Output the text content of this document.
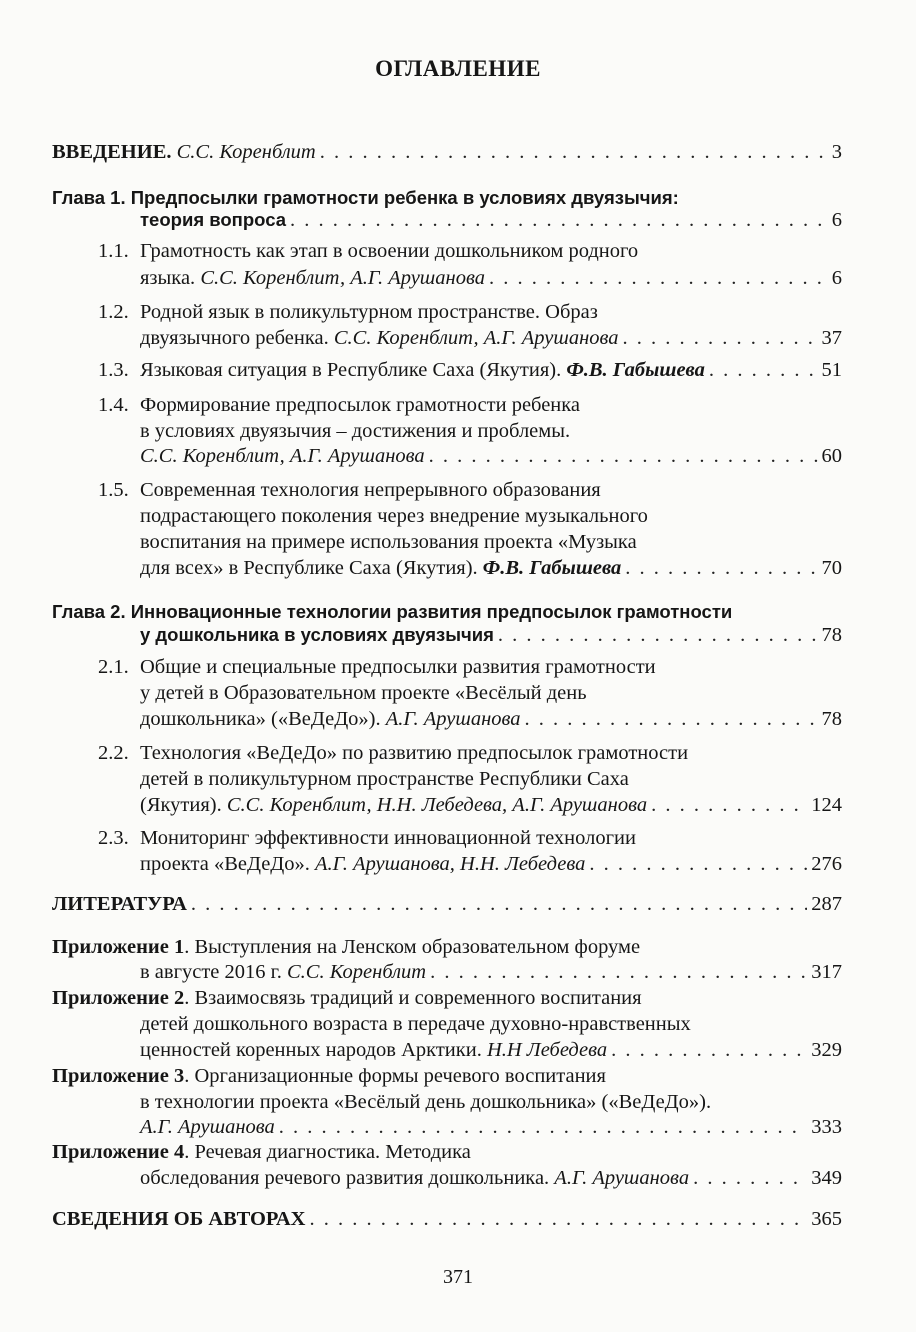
ОГЛАВЛЕНИЕ
ВВЕДЕНИЕ. С.С. Коренблит . . .	3
Глава 1. Предпосылки грамотности ребенка в условиях двуязычия:
теория вопроса . . .	6
1.1. Грамотность как этап в освоении дошкольником родного
языка. С.С. Коренблит, А.Г. Арушанова . . .	6
1.2. Родной язык в поликультурном пространстве. Образ
двуязычного ребенка. С.С. Коренблит, А.Г. Арушанова . . .	37
1.3. Языковая ситуация в Республике Саха (Якутия). Ф.В. Габышева . . .	51
1.4. Формирование предпосылок грамотности ребенка
в условиях двуязычия – достижения и проблемы.
С.С. Коренблит, А.Г. Арушанова . . .	60
1.5. Современная технология непрерывного образования
подрастающего поколения через внедрение музыкального
воспитания на примере использования проекта «Музыка
для всех» в Республике Саха (Якутия). Ф.В. Габышева . . .	70
Глава 2. Инновационные технологии развития предпосылок грамотности
у дошкольника в условиях двуязычия . . .	78
2.1. Общие и специальные предпосылки развития грамотности
у детей в Образовательном проекте «Весёлый день
дошкольника» («ВеДеДо»). А.Г. Арушанова . . .	78
2.2. Технология «ВеДеДо» по развитию предпосылок грамотности
детей в поликультурном пространстве Республики Саха
(Якутия). С.С. Коренблит, Н.Н. Лебедева, А.Г. Арушанова . . .	124
2.3. Мониторинг эффективности инновационной технологии
проекта «ВеДеДо». А.Г. Арушанова, Н.Н. Лебедева . . .	276
ЛИТЕРАТУРА . . .	287
Приложение 1. Выступления на Ленском образовательном форуме
в августе 2016 г. С.С. Коренблит . . .	317
Приложение 2. Взаимосвязь традиций и современного воспитания
детей дошкольного возраста в передаче духовно-нравственных
ценностей коренных народов Арктики. Н.Н Лебедева . . .	329
Приложение 3. Организационные формы речевого воспитания
в технологии проекта «Весёлый день дошкольника» («ВеДеДо»).
А.Г. Арушанова . . .	333
Приложение 4. Речевая диагностика. Методика
обследования речевого развития дошкольника. А.Г. Арушанова . . .	349
СВЕДЕНИЯ ОБ АВТОРАХ . . .	365
371
